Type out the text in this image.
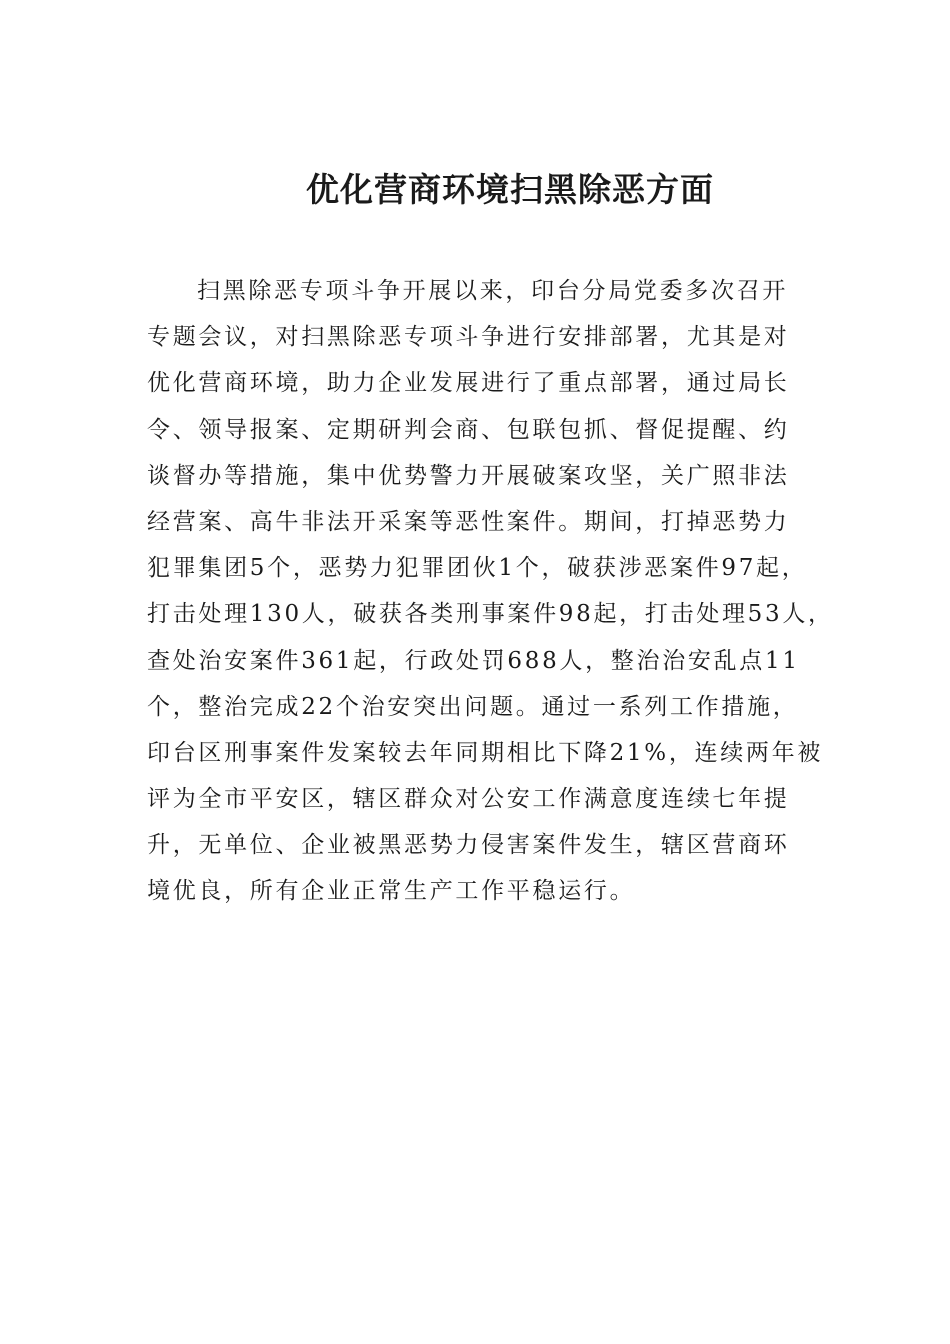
优化营商环境扫黑除恶方面
扫黑除恶专项斗争开展以来，印台分局党委多次召开
专题会议，对扫黑除恶专项斗争进行安排部署，尤其是对
优化营商环境，助力企业发展进行了重点部署，通过局长
令、领导报案、定期研判会商、包联包抓、督促提醒、约
谈督办等措施，集中优势警力开展破案攻坚，关广照非法
经营案、高牛非法开采案等恶性案件。期间，打掉恶势力
犯罪集团5个，恶势力犯罪团伙1个，破获涉恶案件97起，
打击处理130人，破获各类刑事案件98起，打击处理53人，
查处治安案件361起，行政处罚688人，整治治安乱点11
个，整治完成22个治安突出问题。通过一系列工作措施，
印台区刑事案件发案较去年同期相比下降21%，连续两年被
评为全市平安区，辖区群众对公安工作满意度连续七年提
升，无单位、企业被黑恶势力侵害案件发生，辖区营商环
境优良，所有企业正常生产工作平稳运行。
